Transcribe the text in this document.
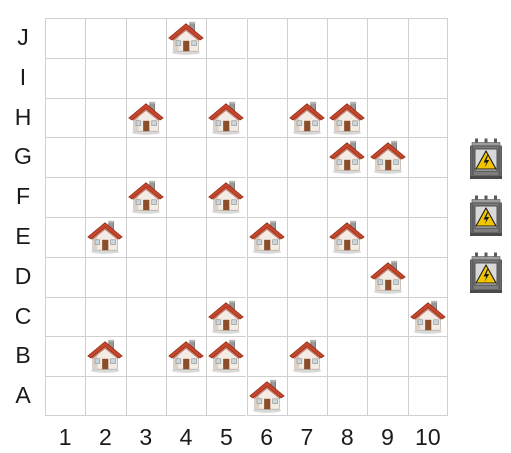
J
I
H
G
F
E
D
C
B
A
1	2	3	4	5	6	7	8	9 10
